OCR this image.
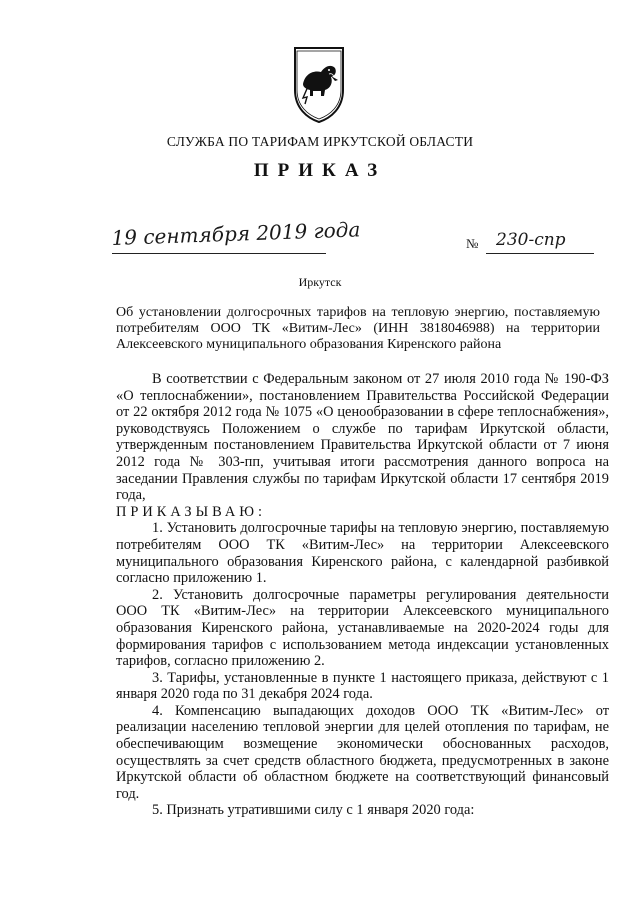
СЛУЖБА ПО ТАРИФАМ ИРКУТСКОЙ ОБЛАСТИ
ПРИКАЗ
19 сентября 2019 года	№ 230-спр
Иркутск
Об установлении долгосрочных тарифов на тепловую энергию, поставляемую потребителям ООО ТК «Витим-Лес» (ИНН 3818046988) на территории Алексеевского муниципального образования Киренского района

В соответствии с Федеральным законом от 27 июля 2010 года № 190-ФЗ «О теплоснабжении», постановлением Правительства Российской Федерации от 22 октября 2012 года № 1075 «О ценообразовании в сфере теплоснабжения», руководствуясь Положением о службе по тарифам Иркутской области, утвержденным постановлением Правительства Иркутской области от 7 июня 2012 года № 303-пп, учитывая итоги рассмотрения данного вопроса на заседании Правления службы по тарифам Иркутской области 17 сентября 2019 года,

ПРИКАЗЫВАЮ:

1. Установить долгосрочные тарифы на тепловую энергию, поставляемую потребителям ООО ТК «Витим-Лес» на территории Алексеевского муниципального образования Киренского района, с календарной разбивкой согласно приложению 1.

2. Установить долгосрочные параметры регулирования деятельности ООО ТК «Витим-Лес» на территории Алексеевского муниципального образования Киренского района, устанавливаемые на 2020-2024 годы для формирования тарифов с использованием метода индексации установленных тарифов, согласно приложению 2.

3. Тарифы, установленные в пункте 1 настоящего приказа, действуют с 1 января 2020 года по 31 декабря 2024 года.

4. Компенсацию выпадающих доходов ООО ТК «Витим-Лес» от реализации населению тепловой энергии для целей отопления по тарифам, не обеспечивающим возмещение экономически обоснованных расходов, осуществлять за счет средств областного бюджета, предусмотренных в законе Иркутской области об областном бюджете на соответствующий финансовый год.

5. Признать утратившими силу с 1 января 2020 года:
